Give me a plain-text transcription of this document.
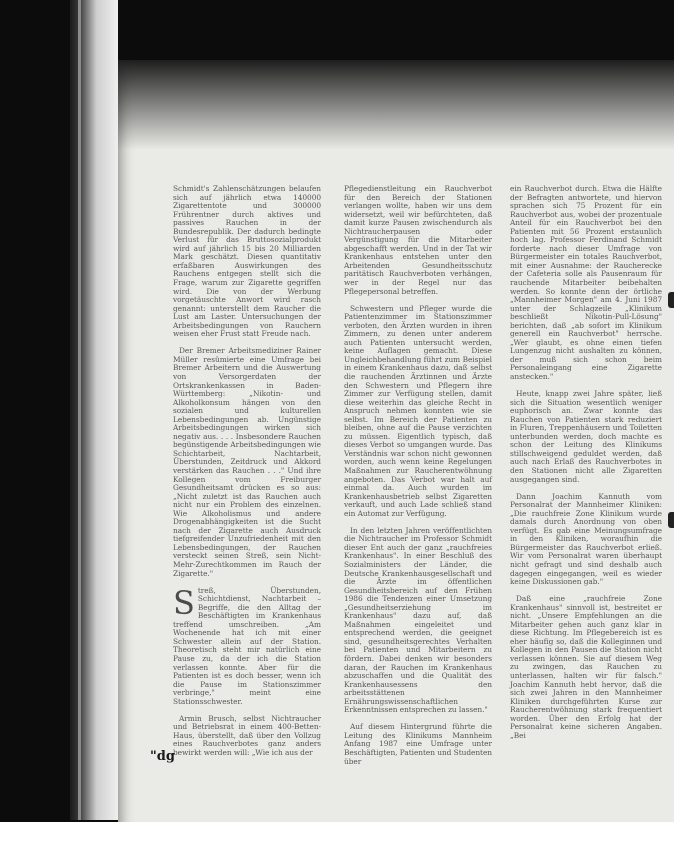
Schmidt's Zahlenschätzungen belaufen sich auf jährlich etwa 140000 Zigarettentote und 300000 Frührentner durch aktives und passives Rauchen in der Bundesrepublik. Der dadurch bedingte Verlust für das Bruttosozialprodukt wird auf jährlich 15 bis 20 Milliarden Mark geschätzt. Diesen quantitativ erfaßbaren Auswirkungen des Rauchens entgegen stellt sich die Frage, warum zur Zigarette gegriffen wird. Die von der Werbung vorgetäuschte Anwort wird rasch genannt: unterstellt dem Raucher die Lust am Laster. Untersuchungen der Arbeitsbedingungen von Rauchern weisen eher Frust statt Freude nach.

Der Bremer Arbeitsmediziner Rainer Müller resümierte eine Umfrage bei Bremer Arbeitern und die Auswertung von Versorgerdaten der Ortskrankenkassen in Baden-Württemberg: „Nikotin- und Alkoholkonsum hängen von den sozialen und kulturellen Lebensbedingungen ab. Ungünstige Arbeitsbedingungen wirken sich negativ aus. . . . Insbesondere Rauchen begünstigende Arbeitsbedingungen wie Schichtarbeit, Nachtarbeit, Überstunden, Zeitdruck und Akkord verstärken das Rauchen . . ." Und ihre Kollegen vom Freiburger Gesundheitsamt drücken es so aus: „Nicht zuletzt ist das Rauchen auch nicht nur ein Problem des einzelnen. Wie Alkoholismus und andere Drogenabhängigkeiten ist die Sucht nach der Zigarette auch Ausdruck tiefgreifender Unzufriedenheit mit den Lebensbedingungen, der Rauchen versteckt seinen Streß, sein Nicht-Mehr-Zurechtkommen im Rauch der Zigarette."

Streß, Überstunden, Schichtdienst, Nachtarbeit – Begriffe, die den Alltag der Beschäftigten im Krankenhaus treffend umschreiben. „Am Wochenende hat ich mit einer Schwester allein auf der Station. Theoretisch steht mir natürlich eine Pause zu, da der ich die Station verlassen konnte. Aber für die Patienten ist es doch besser, wenn ich die Pause im Stationszimmer verbringe," meint eine Stationsschwester.

Armin Brusch, selbst Nichtraucher und Betriebsrat in einem 400-Betten-Haus, überstellt, daß über den Vollzug eines Rauchverbotes ganz anders bewirkt werden will: „Wie ich aus der

Pflegedienstleitung ein Rauchverbot für den Bereich der Stationen verlangen wollte, haben wir uns dem widersetzt, weil wir befürchteten, daß damit kurze Pausen zwischendurch als Nichtraucherpausen oder Vergünstigung für die Mitarbeiter abgeschafft werden. Und in der Tat wir Krankenhaus entstehen unter den Arbeitenden Gesundheitsschutz paritätisch Rauchverboten verhängen, wer in der Regel nur das Pflegepersonal betreffen.

Schwestern und Pfleger wurde die Patientenzimmer im Stationszimmer verboten, den Ärzten wurden in ihren Zimmern, zu denen unter anderem auch Patienten untersucht werden, keine Auflagen gemacht. Diese Ungleichbehandlung führt zum Beispiel in einem Krankenhaus dazu, daß selbst die rauchenden Ärztinnen und Ärzte den Schwestern und Pflegern ihre Zimmer zur Verfügung stellen, damit diese weiterhin das gleiche Recht in Anspruch nehmen konnten wie sie selbst. Im Bereich der Patienten zu bleiben, ohne auf die Pause verzichten zu müssen. Eigentlich typisch, daß dieses Verbot so umgangen wurde. Das Verständnis war schon nicht gewonnen worden, auch wenn keine Regelungen Maßnahmen zur Raucherentwöhnung angeboten. Das Verbot war halt auf einmal da. Auch wurden im Krankenhausbetrieb selbst Zigaretten verkauft, und auch Lade schließ stand ein Automat zur Verfügung.

In den letzten Jahren veröffentlichten die Nichtraucher im Professor Schmidt dieser Ent auch der ganz „rauchfreies Krankenhaus". In einer Beschluß des Sozialministers der Länder, die Deutsche Krankenhausgesellschaft und die Ärzte im öffentlichen Gesundheitsbereich auf den Frühen 1986 die Tendenzen einer Umsetzung „Gesundheitserziehung im Krankenhaus" dazu auf, daß Maßnahmen eingeleitet und entsprechend werden, die geeignet sind, gesundheitsgerechtes Verhalten bei Patienten und Mitarbeitern zu fördern. Dabei denken wir besonders daran, der Rauchen im Krankenhaus abzuschaffen und die Qualität des Krankenhausessens den arbeitsstättenen Ernährungswissenschaftlichen Erkenntnissen entsprechen zu lassen."

Auf diesem Hintergrund führte die Leitung des Klinikums Mannheim Anfang 1987 eine Umfrage unter Beschäftigten, Patienten und Studenten über

ein Rauchverbot durch. Etwa die Hälfte der Befragten antwortete, und hiervon sprachen sich 75 Prozent für ein Rauchverbot aus, wobei der prozentuale Anteil für ein Rauchverbot bei den Patienten mit 56 Prozent erstaunlich hoch lag. Professor Ferdinand Schmidt forderte nach dieser Umfrage von Bürgermeister ein totales Rauchverbot, mit einer Ausnahme: der Raucherecke der Cafeteria solle als Pausenraum für rauchende Mitarbeiter beibehalten werden. So konnte denn der örtliche „Mannheimer Morgen" am 4. Juni 1987 unter der Schlagzeile „Klinikum beschließt Nikotin-Pull-Lösung" berichten, daß „ab sofort im Klinikum generell ein Rauchverbot" herrsche. „Wer glaubt, es ohne einen tiefen Lungenzug nicht aushalten zu können, der muß sich schon beim Personaleingang eine Zigarette anstecken."

Heute, knapp zwei Jahre später, ließ sich die Situation wesentlich weniger euphorisch an. Zwar konnte das Rauchen von Patienten stark reduziert in Fluren, Treppenhäusern und Toiletten unterbunden werden, doch machte es schon der Leitung des Klinikums stillschweigend geduldet werden, daß auch nach Erlaß des Rauchverbotes in den Stationen nicht alle Zigaretten ausgegangen sind.

Dann Joachim Kannuth vom Personalrat der Mannheimer Kliniken: „Die rauchfreie Zone Klinikum wurde damals durch Anordnung von oben verfügt. Es gab eine Meinungsumfrage in den Kliniken, woraufhin die Bürgermeister das Rauchverbot erließ. Wir vom Personalrat waren überhaupt nicht gefragt und sind deshalb auch dagegen eingegangen, weil es wieder keine Diskussionen gab."

Daß eine „rauchfreie Zone Krankenhaus" sinnvoll ist, bestreitet er nicht. „Unsere Empfehlungen an die Mitarbeiter gehen auch ganz klar in diese Richtung. Im Pflegebereich ist es eher häufig so, daß die Kolleginnen und Kollegen in den Pausen die Station nicht verlassen können. Sie auf diesem Weg zu zwingen, das Rauchen zu unterlassen, halten wir für falsch." Joachim Kannuth hebt hervor, daß die sich zwei Jahren in den Mannheimer Kliniken durchgeführten Kurse zur Raucherentwöhnung stark frequentiert worden. Über den Erfolg hat der Personalrat keine sicheren Angaben. „Bei

"dg
